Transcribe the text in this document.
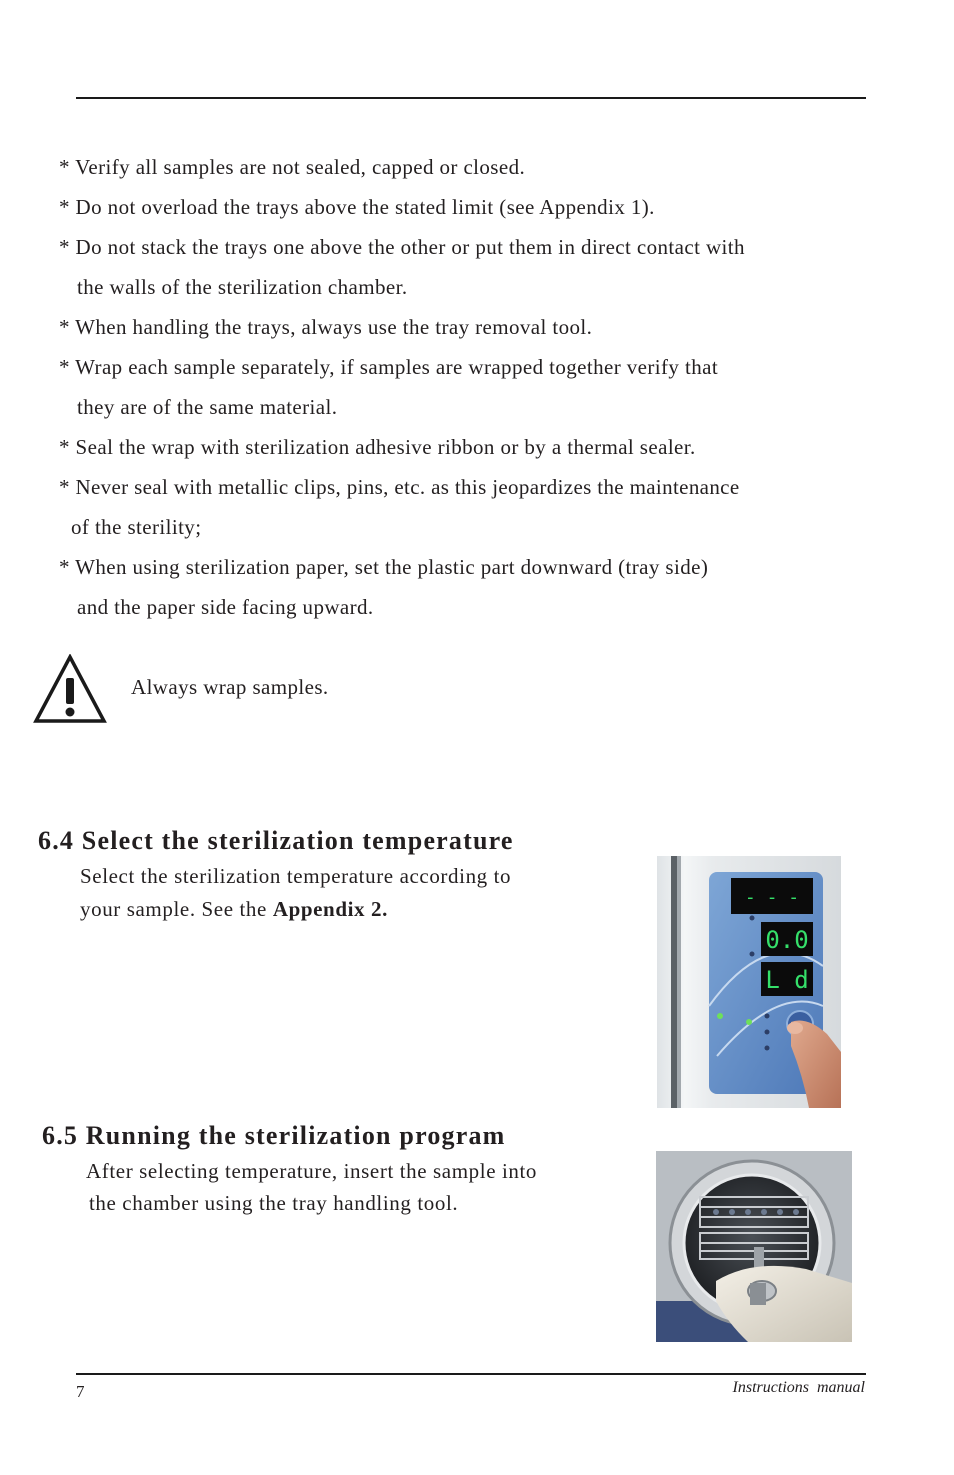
* Verify all samples are not sealed, capped or closed.
* Do not overload the trays above the stated limit (see Appendix 1).
* Do not stack the trays one above the other or put them in direct contact with
the walls of the sterilization chamber.
* When handling the trays, always use the tray removal tool.
* Wrap each sample separately, if samples are wrapped together verify that
they are of the same material.
* Seal the wrap with sterilization adhesive ribbon or by a thermal sealer.
* Never seal with metallic clips, pins, etc. as this jeopardizes the maintenance
of the sterility;
* When using sterilization paper, set the plastic part downward (tray side)
and the paper side facing upward.
Always wrap samples.
6.4 Select the sterilization temperature
Select the sterilization temperature according to
your sample. See the Appendix 2.	- - -
0.0
L d
6.5 Running the sterilization program
After selecting temperature, insert the sample into
the chamber using the tray handling tool.
7	Instructions  manual
